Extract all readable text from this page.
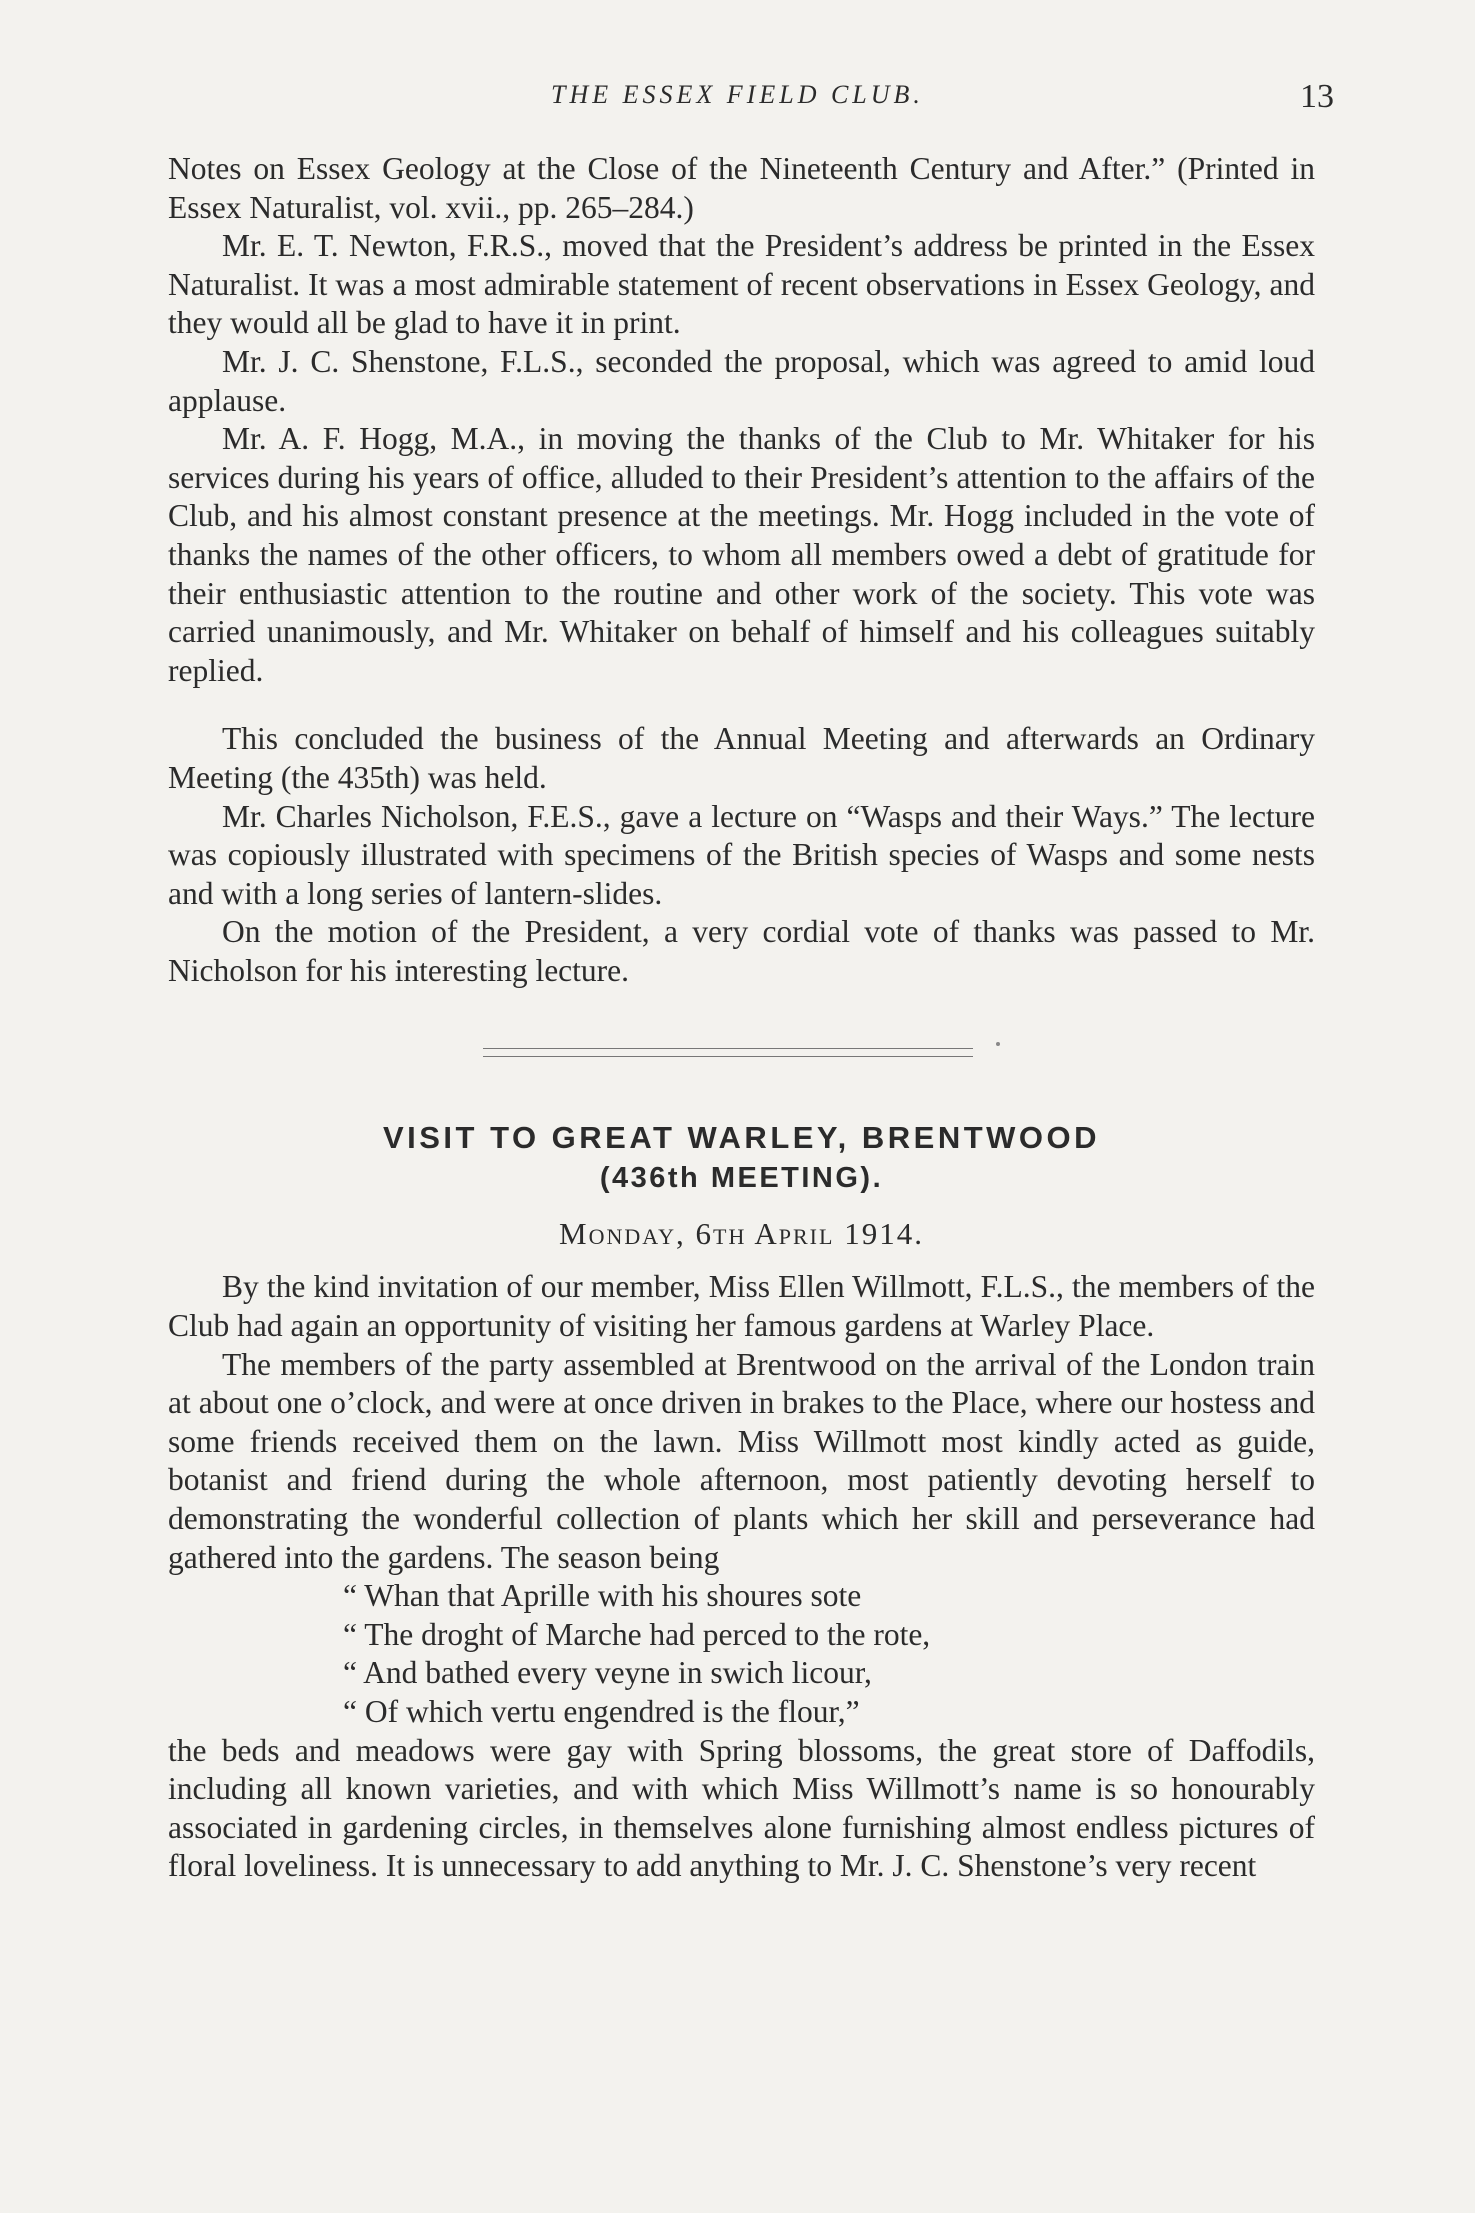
THE ESSEX FIELD CLUB.	13

Notes on Essex Geology at the Close of the Nineteenth Century and After.” (Printed in Essex Naturalist, vol. xvii., pp. 265–284.)

Mr. E. T. Newton, F.R.S., moved that the President’s address be printed in the Essex Naturalist. It was a most admirable statement of recent observations in Essex Geology, and they would all be glad to have it in print.

Mr. J. C. Shenstone, F.L.S., seconded the proposal, which was agreed to amid loud applause.

Mr. A. F. Hogg, M.A., in moving the thanks of the Club to Mr. Whitaker for his services during his years of office, alluded to their President’s attention to the affairs of the Club, and his almost constant presence at the meetings. Mr. Hogg included in the vote of thanks the names of the other officers, to whom all members owed a debt of gratitude for their enthusiastic attention to the routine and other work of the society. This vote was carried unanimously, and Mr. Whitaker on behalf of himself and his colleagues suitably replied.

This concluded the business of the Annual Meeting and afterwards an Ordinary Meeting (the 435th) was held.

Mr. Charles Nicholson, F.E.S., gave a lecture on “Wasps and their Ways.” The lecture was copiously illustrated with specimens of the British species of Wasps and some nests and with a long series of lantern-slides.

On the motion of the President, a very cordial vote of thanks was passed to Mr. Nicholson for his interesting lecture.

VISIT TO GREAT WARLEY, BRENTWOOD
(436th MEETING).
Monday, 6th April 1914.

By the kind invitation of our member, Miss Ellen Willmott, F.L.S., the members of the Club had again an opportunity of visiting her famous gardens at Warley Place.

The members of the party assembled at Brentwood on the arrival of the London train at about one o’clock, and were at once driven in brakes to the Place, where our hostess and some friends received them on the lawn. Miss Willmott most kindly acted as guide, botanist and friend during the whole afternoon, most patiently devoting herself to demonstrating the wonderful collection of plants which her skill and perseverance had gathered into the gardens. The season being

“ Whan that Aprille with his shoures sote
“ The droght of Marche had perced to the rote,
“ And bathed every veyne in swich licour,
“ Of which vertu engendred is the flour,”

the beds and meadows were gay with Spring blossoms, the great store of Daffodils, including all known varieties, and with which Miss Willmott’s name is so honourably associated in gardening circles, in themselves alone furnishing almost endless pictures of floral loveliness. It is unnecessary to add anything to Mr. J. C. Shenstone’s very recent
